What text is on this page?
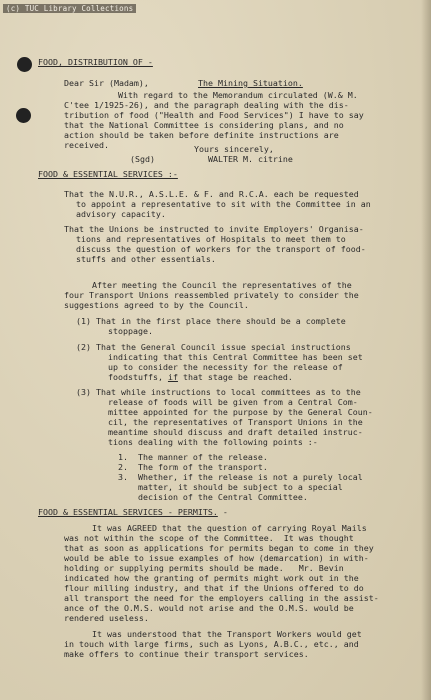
(c) TUC Library Collections
FOOD, DISTRIBUTION OF -
Dear Sir (Madam),	The Mining Situation.
With regard to the Memorandum circulated (W.& M.
C'tee 1/1925-26), and the paragraph dealing with the dis-
tribution of food ("Health and Food Services") I have to say
that the National Committee is considering plans, and no
action should be taken before definite instructions are
received.	Yours sincerely,
(Sgd)	WALTER M. citrine
FOOD & ESSENTIAL SERVICES :-
That the N.U.R., A.S.L.E. & F. and R.C.A. each be requested
to appoint a representative to sit with the Committee in an
advisory capacity.
That the Unions be instructed to invite Employers' Organisa-
tions and representatives of Hospitals to meet them to
discuss the question of workers for the transport of food-
stuffs and other essentials.
After meeting the Council the representatives of the
four Transport Unions reassembled privately to consider the
suggestions agreed to by the Council.
(1) That in the first place there should be a complete
stoppage.
(2) That the General Council issue special instructions
indicating that this Central Committee has been set
up to consider the necessity for the release of
foodstuffs, if that stage be reached.
(3) That while instructions to local committees as to the
release of foods will be given from a Central Com-
mittee appointed for the purpose by the General Coun-
cil, the representatives of Transport Unions in the
meantime should discuss and draft detailed instruc-
tions dealing with the following points :-
1.  The manner of the release.
2.  The form of the transport.
3.  Whether, if the release is not a purely local
matter, it should be subject to a special
decision of the Central Committee.
FOOD & ESSENTIAL SERVICES - PERMITS. -
It was AGREED that the question of carrying Royal Mails
was not within the scope of the Committee.  It was thought
that as soon as applications for permits began to come in they
would be able to issue examples of how (demarcation) in with-
holding or supplying permits should be made.   Mr. Bevin
indicated how the granting of permits might work out in the
flour milling industry, and that if the Unions offered to do
all transport the need for the employers calling in the assist-
ance of the O.M.S. would not arise and the O.M.S. would be
rendered useless.
It was understood that the Transport Workers would get
in touch with large firms, such as Lyons, A.B.C., etc., and
make offers to continue their transport services.
